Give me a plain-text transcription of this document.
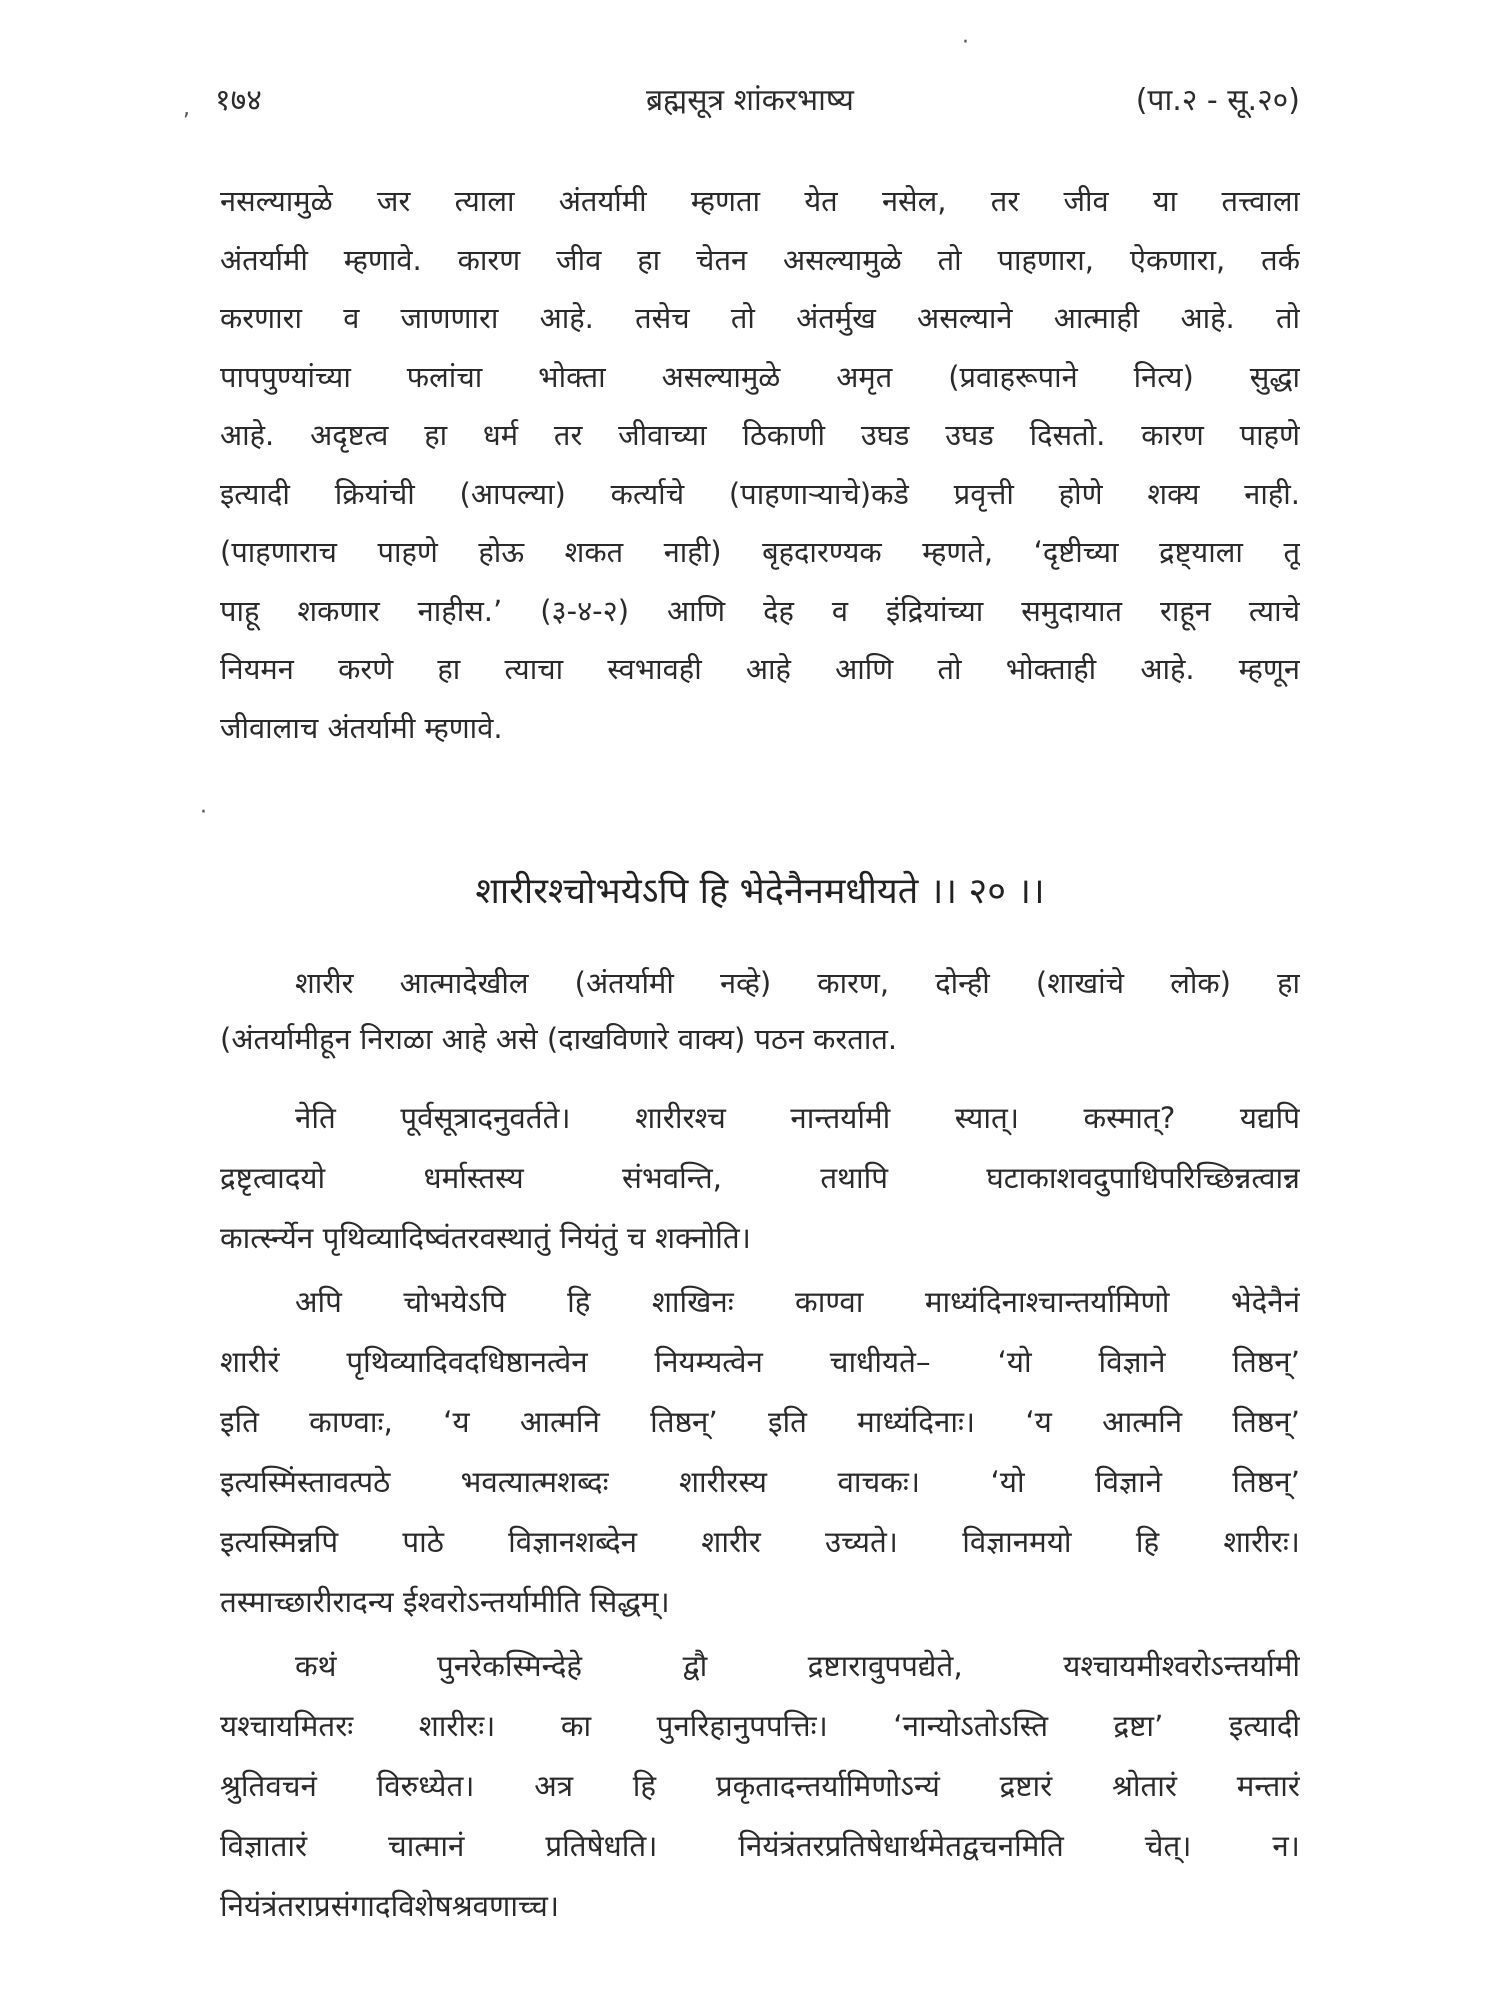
१७४	ब्रह्मसूत्र शांकरभाष्य	(पा.२ - सू.२०)
,
·
·
नसल्यामुळे जर त्याला अंतर्यामी म्हणता येत नसेल, तर जीव या तत्त्वाला
अंतर्यामी म्हणावे. कारण जीव हा चेतन असल्यामुळे तो पाहणारा, ऐकणारा, तर्क
करणारा व जाणणारा आहे. तसेच तो अंतर्मुख असल्याने आत्माही आहे. तो
पापपुण्यांच्या फलांचा भोक्ता असल्यामुळे अमृत (प्रवाहरूपाने नित्य) सुद्धा
आहे. अदृष्टत्व हा धर्म तर जीवाच्या ठिकाणी उघड उघड दिसतो. कारण पाहणे
इत्यादी क्रियांची (आपल्या) कर्त्याचे (पाहणाऱ्याचे)कडे प्रवृत्ती होणे शक्य नाही.
(पाहणाराच पाहणे होऊ शकत नाही) बृहदारण्यक म्हणते, ‘दृष्टीच्या द्रष्ट्याला तू
पाहू शकणार नाहीस.’ (३-४-२) आणि देह व इंद्रियांच्या समुदायात राहून त्याचे
नियमन करणे हा त्याचा स्वभावही आहे आणि तो भोक्ताही आहे. म्हणून
जीवालाच अंतर्यामी म्हणावे.
शारीरश्चोभयेऽपि हि भेदेनैनमधीयते ।। २० ।।
शारीर आत्मादेखील (अंतर्यामी नव्हे) कारण, दोन्ही (शाखांचे लोक) हा
(अंतर्यामीहून निराळा आहे असे (दाखविणारे वाक्य) पठन करतात.
नेति पूर्वसूत्रादनुवर्तते। शारीरश्च नान्तर्यामी स्यात्। कस्मात्? यद्यपि
द्रष्टृत्वादयो धर्मास्तस्य संभवन्ति, तथापि घटाकाशवदुपाधिपरिच्छिन्नत्वान्न
कार्त्स्न्येन पृथिव्यादिष्वंतरवस्थातुं नियंतुं च शक्नोति।
अपि चोभयेऽपि हि शाखिनः काण्वा माध्यंदिनाश्चान्तर्यामिणो भेदेनैनं
शारीरं पृथिव्यादिवदधिष्ठानत्वेन नियम्यत्वेन चाधीयते– ‘यो विज्ञाने तिष्ठन्’
इति काण्वाः, ‘य आत्मनि तिष्ठन्’ इति माध्यंदिनाः। ‘य आत्मनि तिष्ठन्’
इत्यस्मिंस्तावत्पठे भवत्यात्मशब्दः शारीरस्य वाचकः। ‘यो विज्ञाने तिष्ठन्’
इत्यस्मिन्नपि पाठे विज्ञानशब्देन शारीर उच्यते। विज्ञानमयो हि शारीरः।
तस्माच्छारीरादन्य ईश्वरोऽन्तर्यामीति सिद्धम्।
कथं पुनरेकस्मिन्देहे द्वौ द्रष्टारावुपपद्येते, यश्चायमीश्वरोऽन्तर्यामी
यश्चायमितरः शारीरः। का पुनरिहानुपपत्तिः। ‘नान्योऽतोऽस्ति द्रष्टा’ इत्यादी
श्रुतिवचनं विरुध्येत। अत्र हि प्रकृतादन्तर्यामिणोऽन्यं द्रष्टारं श्रोतारं मन्तारं
विज्ञातारं चात्मानं प्रतिषेधति। नियंत्रंतरप्रतिषेधार्थमेतद्वचनमिति चेत्। न।
नियंत्रंतराप्रसंगादविशेषश्रवणाच्च।
